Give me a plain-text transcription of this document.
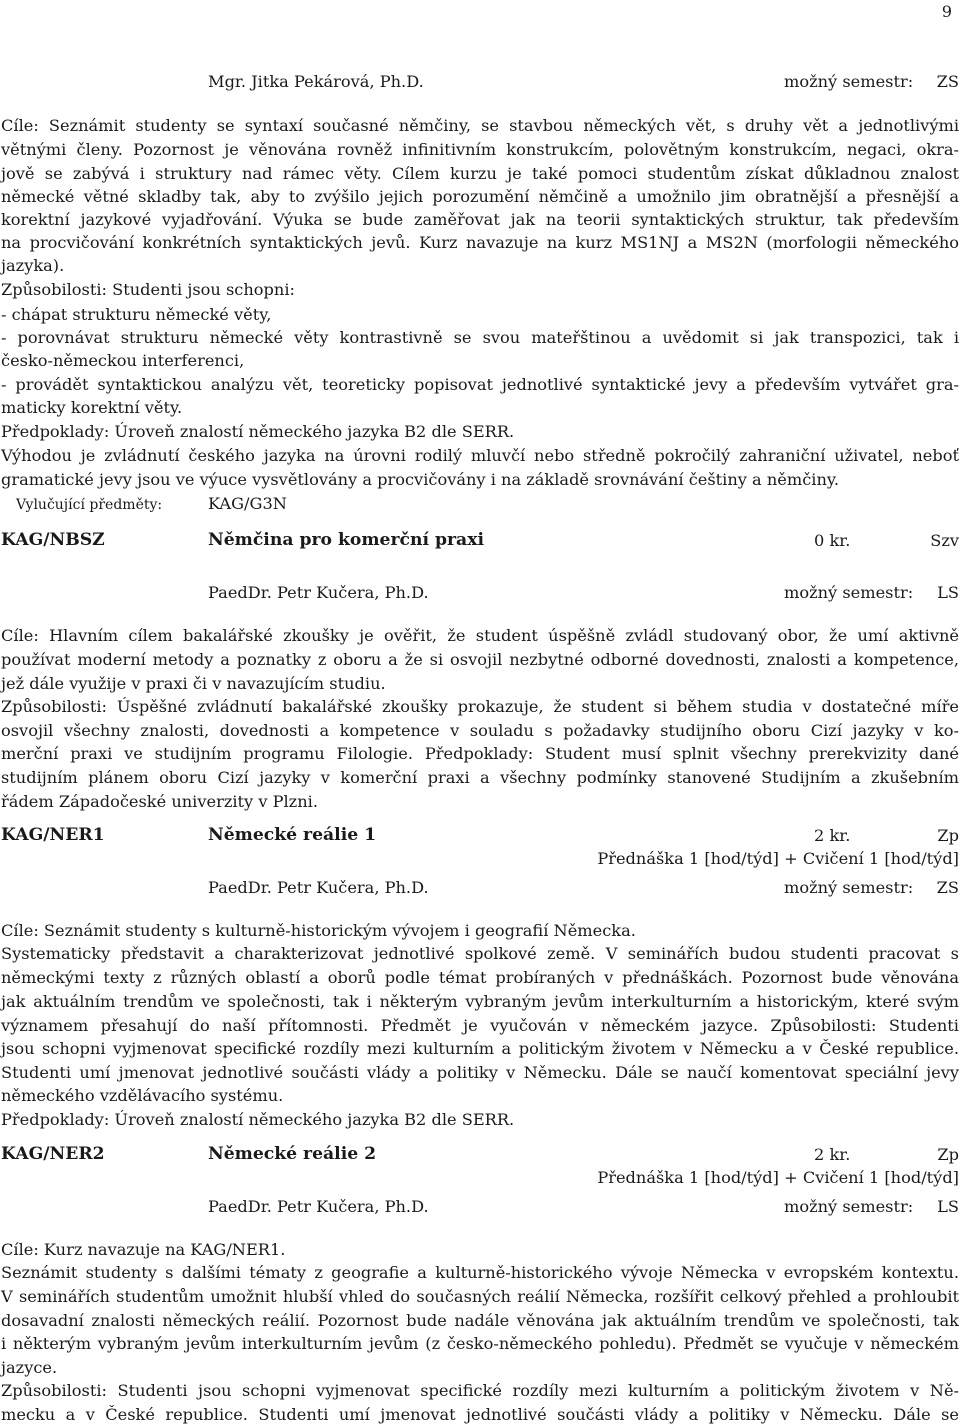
9
Mgr. Jitka Pekárová, Ph.D.	možný semestr: ZS
Cíle: Seznámit studenty se syntaxí současné němčiny, se stavbou německých vět, s druhy vět a jednotlivými
větnými členy. Pozornost je věnována rovněž infinitivním konstrukcím, polovětným konstrukcím, negaci, okra-
jově se zabývá i struktury nad rámec věty. Cílem kurzu je také pomoci studentům získat důkladnou znalost
německé větné skladby tak, aby to zvýšilo jejich porozumění němčině a umožnilo jim obratnější a přesnější a
korektní jazykové vyjadřování. Výuka se bude zaměřovat jak na teorii syntaktických struktur, tak především
na procvičování konkrétních syntaktických jevů. Kurz navazuje na kurz MS1NJ a MS2N (morfologii německého
jazyka).
Způsobilosti: Studenti jsou schopni:
- chápat strukturu německé věty,
- porovnávat strukturu německé věty kontrastivně se svou mateřštinou a uvědomit si jak transpozici, tak i
česko-německou interferenci,
- provádět syntaktickou analýzu vět, teoreticky popisovat jednotlivé syntaktické jevy a především vytvářet gra-
maticky korektní věty.
Předpoklady: Úroveň znalostí německého jazyka B2 dle SERR.
Výhodou je zvládnutí českého jazyka na úrovni rodilý mluvčí nebo středně pokročilý zahraniční uživatel, neboť
gramatické jevy jsou ve výuce vysvětlovány a procvičovány i na základě srovnávání češtiny a němčiny.
Vylučující předměty:	KAG/G3N
KAG/NBSZ	Němčina pro komerční praxi	0 kr.	Szv
PaedDr. Petr Kučera, Ph.D.	možný semestr: LS
Cíle: Hlavním cílem bakalářské zkoušky je ověřit, že student úspěšně zvládl studovaný obor, že umí aktivně
používat moderní metody a poznatky z oboru a že si osvojil nezbytné odborné dovednosti, znalosti a kompetence,
jež dále využije v praxi či v navazujícím studiu.
Způsobilosti: Úspěšné zvládnutí bakalářské zkoušky prokazuje, že student si během studia v dostatečné míře
osvojil všechny znalosti, dovednosti a kompetence v souladu s požadavky studijního oboru Cizí jazyky v ko-
merční praxi ve studijním programu Filologie. Předpoklady: Student musí splnit všechny prerekvizity dané
studijním plánem oboru Cizí jazyky v komerční praxi a všechny podmínky stanovené Studijním a zkušebním
řádem Západočeské univerzity v Plzni.
KAG/NER1	Německé reálie 1	2 kr.	Zp
Přednáška 1 [hod/týd] + Cvičení 1 [hod/týd]
PaedDr. Petr Kučera, Ph.D.	možný semestr: ZS
Cíle: Seznámit studenty s kulturně-historickým vývojem i geografií Německa.
Systematicky představit a charakterizovat jednotlivé spolkové země. V seminářích budou studenti pracovat s
německými texty z různých oblastí a oborů podle témat probíraných v přednáškách. Pozornost bude věnována
jak aktuálním trendům ve společnosti, tak i některým vybraným jevům interkulturním a historickým, které svým
významem přesahují do naší přítomnosti. Předmět je vyučován v německém jazyce. Způsobilosti: Studenti
jsou schopni vyjmenovat specifické rozdíly mezi kulturním a politickým životem v Německu a v České republice.
Studenti umí jmenovat jednotlivé součásti vlády a politiky v Německu. Dále se naučí komentovat speciální jevy
německého vzdělávacího systému.
Předpoklady: Úroveň znalostí německého jazyka B2 dle SERR.
KAG/NER2	Německé reálie 2	2 kr.	Zp
Přednáška 1 [hod/týd] + Cvičení 1 [hod/týd]
PaedDr. Petr Kučera, Ph.D.	možný semestr: LS
Cíle: Kurz navazuje na KAG/NER1.
Seznámit studenty s dalšími tématy z geografie a kulturně-historického vývoje Německa v evropském kontextu.
V seminářích studentům umožnit hlubší vhled do současných reálií Německa, rozšířit celkový přehled a prohloubit
dosavadní znalosti německých reálií. Pozornost bude nadále věnována jak aktuálním trendům ve společnosti, tak
i některým vybraným jevům interkulturním jevům (z česko-německého pohledu). Předmět se vyučuje v německém
jazyce.
Způsobilosti: Studenti jsou schopni vyjmenovat specifické rozdíly mezi kulturním a politickým životem v Ně-
mecku a v České republice. Studenti umí jmenovat jednotlivé součásti vlády a politiky v Německu. Dále se
